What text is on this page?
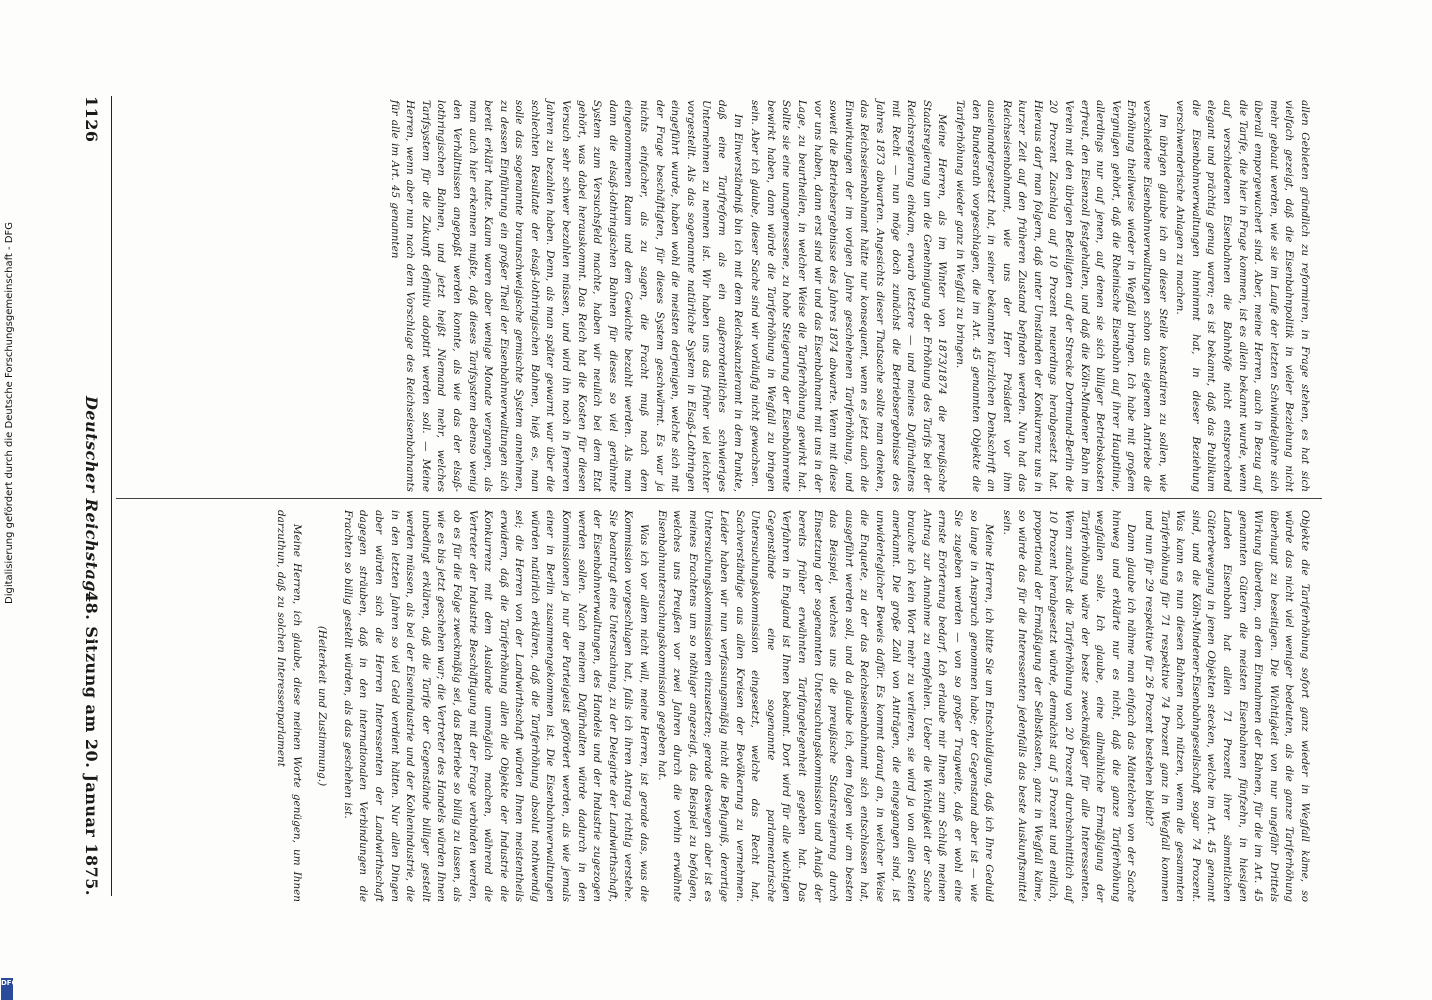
1126
Deutscher Reichstag.
48. Sitzung am 20. Januar 1875.

allen Gebieten gründlich zu reformiren, in Frage stehen, es hat sich vielfach gezeigt, daß die Eisenbahnpolitik in vieler Beziehung nicht mehr gebaut werden, wie sie im Laufe der letzten Schwindeljahre sich überall emporgewuchert sind. Aber, meine Herren, auch in Bezug auf die Tarife, die hier in Frage kommen, ist es allein bekannt wurde, wenn auf verschiedenen Eisenbahnen die Bahnhöfe nicht entsprechend elegant und prächtig genug waren; es ist bekannt, daß das Publikum die Eisenbahnverwaltungen hinnimmt hat, in dieser Beziehung verschwenderische Anlagen zu machen.

Im übrigen glaube ich an dieser Stelle konstatiren zu sollen, wie verschiedene Eisenbahnverwaltungen schon aus eigenem Antriebe die Erhöhung theilweise wieder in Wegfall bringen. Ich habe mit großem Vergnügen gehört, daß die Rheinische Eisenbahn auf ihrer Hauptlinie, allerdings nur auf jenen, auf denen sie sich billiger Betriebskosten erfreut, den Eisenzoll festgehalten, und daß die Köln-Mindener Bahn im Verein mit den übrigen Beteiligten auf der Strecke Dortmund-Berlin die 20 Prozent Zuschlag auf 10 Prozent neuerdings herabgesetzt hat. Hieraus darf man folgern, daß unter Umständen der Konkurrenz uns in kurzer Zeit auf den früheren Zustand befinden werden. Nun hat das Reichseisenbahnamt, wie uns der Herr Präsident vor ihm auseinandergesetzt hat, in seiner bekannten kürzlichen Denkschrift an den Bundesrath vorgeschlagen, die im Art. 45 genannten Objekte die Tariferhöhung wieder ganz in Wegfall zu bringen.

Meine Herren, als im Winter von 1873/1874 die preußische Staatsregierung um die Genehmigung der Erhöhung des Tarifs bei der Reichsregierung einkam, erwarb letztere — und meines Dafürhaltens mit Recht — nun möge doch zunächst die Betriebsergebnisse des Jahres 1873 abwarten. Angesichts dieser Thatsache sollte man denken, das Reichseisenbahnamt hätte nur konsequent, wenn es jetzt auch die Einwirkungen der im vorigen Jahre geschehenen Tariferhöhung, und soweit die Betriebsergebnisse des Jahres 1874 abwarte. Wenn mit diese vor uns haben, dann erst sind wir und das Eisenbahnamt mit uns in der Lage, zu beurtheilen, in welcher Weise die Tariferhöhung gewirkt hat. Sollte sie eine unangemessene, zu hohe Steigerung der Eisenbahnrente bewirkt haben, dann würde die Tariferhöhung in Wegfall zu bringen sein. Aber ich glaube, dieser Sache sind wir vorläufig nicht gewachsen.

Im Einverständniß bin ich mit dem Reichskanzleramt in dem Punkte, daß eine Tarifreform als ein außerordentliches schwieriges Unternehmen zu nennen ist. Wir haben uns das früher viel leichter vorgestellt. Als das sogenannte natürliche System in Elsaß-Lothringen eingeführt wurde, haben wohl die meisten derjenigen, welche sich mit der Frage beschäftigten, für dieses System geschwärmt. Es war ja nichts einfacher, als zu sagen, die Fracht muß nach dem eingenommenen Raum und dem Gewichte bezahlt werden. Als man dann die elsaß-lothringischen Bahnen für dieses so viel gerühmte System zum Versuchsfeld machte, haben wir neulich bei dem Etat gehört, was dabei herauskommt. Das Reich hat die Kosten für diesen Versuch sehr schwer bezahlen müssen, und wird ihn noch in ferneren Jahren zu bezahlen haben. Denn, als man später gewarnt war über die schlechten Resultate der elsaß-lothringischen Bahnen, hieß es, man solle das sogenannte braunschweigische gemischte System annehmen, zu dessen Einführung ein großer Theil der Eisenbahnverwaltungen sich bereit erklärt hatte. Kaum waren aber wenige Monate vergangen, als man auch hier erkennen mußte, daß dieses Tarifsystem ebenso wenig den Verhältnissen angepaßt werden konnte, als wie das der elsaß-lothringischen Bahnen, und jetzt heißt Niemand mehr, welches Tarifsystem für die Zukunft definitiv adoptirt werden soll. — Meine Herren, wenn aber nun nach dem Vorschlage des Reichseisenbahnamts für alle im Art. 45 genannten

Objekte die Tariferhöhung sofort ganz wieder in Wegfall käme, so würde das nicht viel weniger bedeuten, als die ganze Tariferhöhung überhaupt zu beseitigen. Die Wichtigkeit von nur ungefähr Drittels Wirkung überdem, an dem Einnahmen der Bahnen, für die im Art. 45 genannten Gütern die meisten Eisenbahnen fünfzehn, in hiesigen Landen Eisenbahn hat allein 71 Prozent ihrer sämmtlichen Güterbewegung in jenen Objekten stecken, welche im Art. 45 genannt sind, und die Köln-Mindener-Eisenbahngesellschaft sogar 74 Prozent. Was kann es nun diesen Bahnen noch nützen, wenn die gesammten Tariferhöhung für 71 respektive 74 Prozent ganz in Wegfall kommen und nun für 29 respektive für 26 Prozent bestehen bleibt?

Dann glaube ich nähme man einfach das Mäntelchen von der Sache hinweg und erklärte nur es nicht, daß die ganze Tariferhöhung wegfallen solle. Ich glaube, eine allmähliche Ermäßigung der Tariferhöhung wäre der beste zweckmäßiger für alle Interessenten. Wenn zunächst die Tariferhöhung von 20 Prozent durchschnittlich auf 10 Prozent herabgesetzt würde, demnächst auf 5 Prozent und endlich, proportional der Ermäßigung der Selbstkosten, ganz in Wegfall käme, so würde das für die Interessenten jedenfalls das beste Auskunftsmittel sein.

Meine Herren, ich bitte Sie um Entschuldigung, daß ich Ihre Geduld so lange in Anspruch genommen habe; der Gegenstand aber ist — wie Sie zugeben werden — von so großer Tragweite, daß er wohl eine ernste Erörterung bedarf. Ich erlaube mir Ihnen zum Schluß meinen Antrag zur Annahme zu empfehlen. Ueber die Wichtigkeit der Sache brauche ich kein Wort mehr zu verlieren, sie wird ja von allen Seiten anerkannt. Die große Zahl von Anträgen, die eingegangen sind, ist unwiderleglicher Beweis dafür. Es kommt darauf an, in welcher Weise die Enquete, zu der das Reichseisenbahnamt sich entschlossen hat, ausgeführt werden soll, und da glaube ich, dem folgen wir am besten das Beispiel, welches uns die preußische Staatsregierung durch Einsetzung der sogenannten Untersuchungskommission und Anlaß der bereits früher erwähnten Tarifangelegenheit gegeben hat. Das Verfahren in England ist Ihnen bekannt. Dort wird für alle wichtigen Gegenstände eine sogenannte parlamentarische Untersuchungskommission eingesetzt, welche das Recht hat, Sachverständige aus allen Kreisen der Bevölkerung zu vernehmen. Leider haben wir nun verfassungsmäßig nicht die Befugniß, derartige Untersuchungskommissionen einzusetzen; gerade deswegen aber ist es meines Erachtens um so nöthiger angezeigt, das Beispiel zu befolgen, welches uns Preußen vor zwei Jahren durch die vorhin erwähnte Eisenbahnuntersuchungskommission gegeben hat.

Was ich vor allem nicht will, meine Herren, ist gerade das, was die Kommission vorgeschlagen hat, falls ich ihren Antrag richtig verstehe. Sie beantragt eine Untersuchung, zu der Delegirte der Landwirthschaft, der Eisenbahnverwaltungen, des Handels und der Industrie zugezogen werden sollen. Nach meinem Dafürhalten würde dadurch in den Kommissionen ja nur der Parteigeist gefördert werden, als wie jemals einer in Berlin zusammengekommen ist. Die Eisenbahnverwaltungen würden natürlich erklären, daß die Tariferhöhung absolut nothwendig sei; die Herren von der Landwirthschaft würden Ihnen meistentheils erwidern, daß die Tariferhöhung allen die Objekte der Industrie die Konkurrenz mit dem Auslande unmöglich machen, während die Vertreter der Industrie Beschäftigung mit der Frage verbinden werden, ob es für die Folge zweckmäßig sei, das Betriebe so billig zu lassen, als wie es bis jetzt geschehen war; die Vertreter des Handels würden Ihnen unbedingt erklären, daß die Tarife der Gegenstände billiger gestellt werden müssen, als bei der Eisenindustrie und der Kohlenindustrie, die in den letzten Jahren so viel Geld verdient hätten. Nur allen Dingen aber würden sich die Herren Interessenten der Landwirthschaft dagegen sträuben, daß in den internationalen Verbindungen die Frachten so billig gestellt würden, als das geschehen ist.

(Heiterkeit und Zustimmung.)

Meine Herren, ich glaube, diese meinen Worte genügen, um Ihnen darzuthun, daß zu solchen Interessenparlament

Digitalisierung gefördert durch die Deutsche Forschungsgemeinschaft - DFG
DFG
